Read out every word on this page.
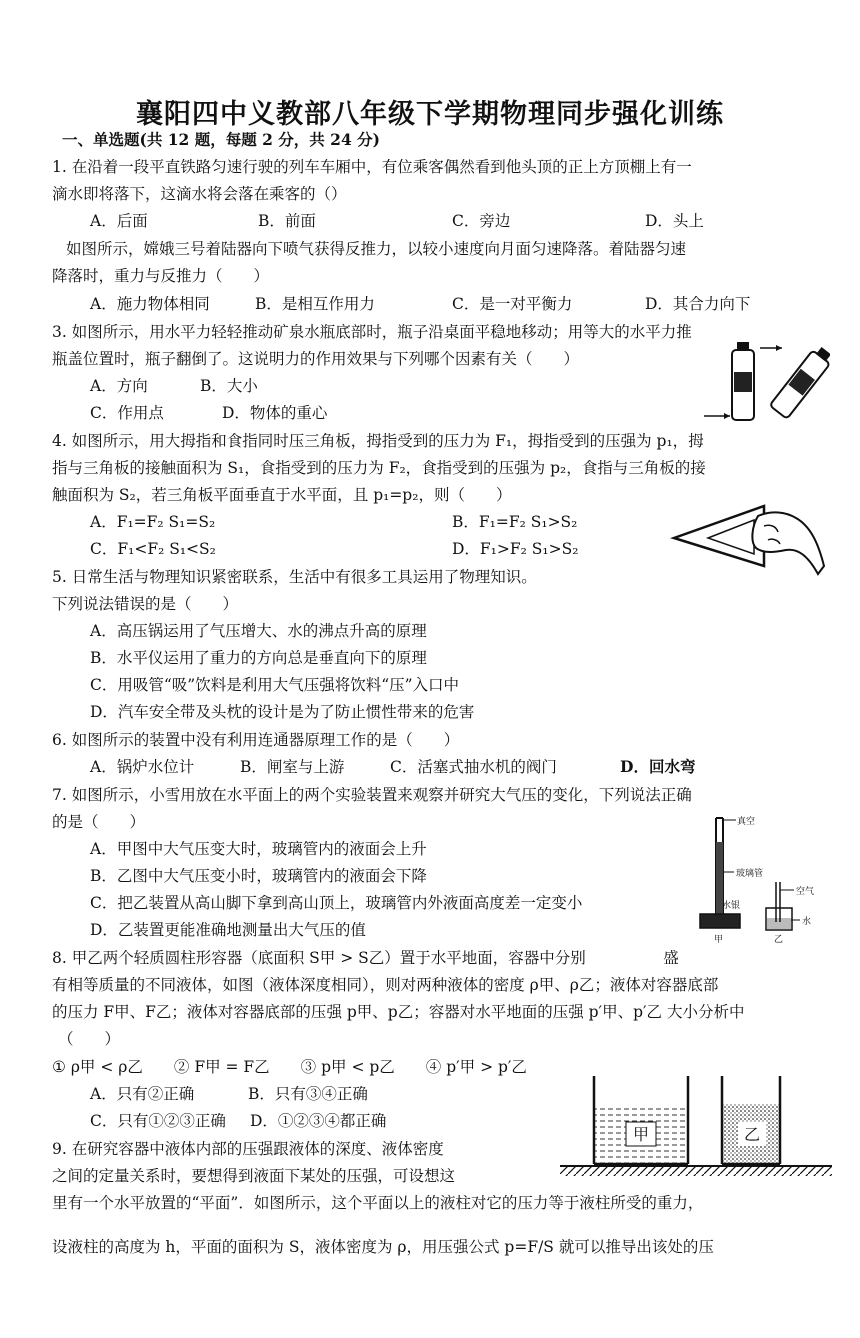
襄阳四中义教部八年级下学期物理同步强化训练
一、单选题(共 12 题，每题 2 分，共 24 分)
1. 在沿着一段平直铁路匀速行驶的列车车厢中，有位乘客偶然看到他头顶的正上方顶棚上有一
滴水即将落下，这滴水将会落在乘客的（）
A．后面	B．前面	C．旁边	D．头上
如图所示，嫦娥三号着陆器向下喷气获得反推力，以较小速度向月面匀速降落。着陆器匀速
降落时，重力与反推力（　　）
A．施力物体相同	B．是相互作用力	C．是一对平衡力	D．其合力向下
3. 如图所示，用水平力轻轻推动矿泉水瓶底部时，瓶子沿桌面平稳地移动；用等大的水平力推
瓶盖位置时，瓶子翻倒了。这说明力的作用效果与下列哪个因素有关（　　）
A．方向	B．大小
C．作用点	D．物体的重心
4. 如图所示，用大拇指和食指同时压三角板，拇指受到的压力为 F₁，拇指受到的压强为 p₁，拇
指与三角板的接触面积为 S₁，食指受到的压力为 F₂，食指受到的压强为 p₂，食指与三角板的接
触面积为 S₂，若三角板平面垂直于水平面，且 p₁=p₂，则（　　）
A．F₁=F₂ S₁=S₂	B．F₁=F₂ S₁>S₂
C．F₁<F₂ S₁<S₂	D．F₁>F₂ S₁>S₂
5. 日常生活与物理知识紧密联系，生活中有很多工具运用了物理知识。
下列说法错误的是（　　）
A．高压锅运用了气压增大、水的沸点升高的原理
B．水平仪运用了重力的方向总是垂直向下的原理
C．用吸管“吸”饮料是利用大气压强将饮料“压”入口中
D．汽车安全带及头枕的设计是为了防止惯性带来的危害
6. 如图所示的装置中没有利用连通器原理工作的是（　　）
A．锅炉水位计	B．闸室与上游	C．活塞式抽水机的阀门	D．回水弯
7. 如图所示，小雪用放在水平面上的两个实验装置来观察并研究大气压的变化，下列说法正确
的是（　　）
A．甲图中大气压变大时，玻璃管内的液面会上升
B．乙图中大气压变小时，玻璃管内的液面会下降
C．把乙装置从高山脚下拿到高山顶上，玻璃管内外液面高度差一定变小
D．乙装置更能准确地测量出大气压的值
真空
玻璃管
水银
甲
空气
水
乙
8. 甲乙两个轻质圆柱形容器（底面积 S甲 > S乙）置于水平地面，容器中分别　　　　　盛
有相等质量的不同液体，如图（液体深度相同），则对两种液体的密度 ρ甲、ρ乙；液体对容器底部
的压力 F甲、F乙；液体对容器底部的压强 p甲、p乙；容器对水平地面的压强 p′甲、p′乙 大小分析中
（　　）
① ρ甲 < ρ乙　　② F甲 = F乙　　③ p甲 < p乙　　④ p′甲 > p′乙
A．只有②正确	B．只有③④正确
C．只有①②③正确 D．①②③④都正确
甲	乙
9. 在研究容器中液体内部的压强跟液体的深度、液体密度
之间的定量关系时，要想得到液面下某处的压强，可设想这
里有一个水平放置的“平面”．如图所示，这个平面以上的液柱对它的压力等于液柱所受的重力，
设液柱的高度为 h，平面的面积为 S，液体密度为 ρ，用压强公式 p=F/S 就可以推导出该处的压
